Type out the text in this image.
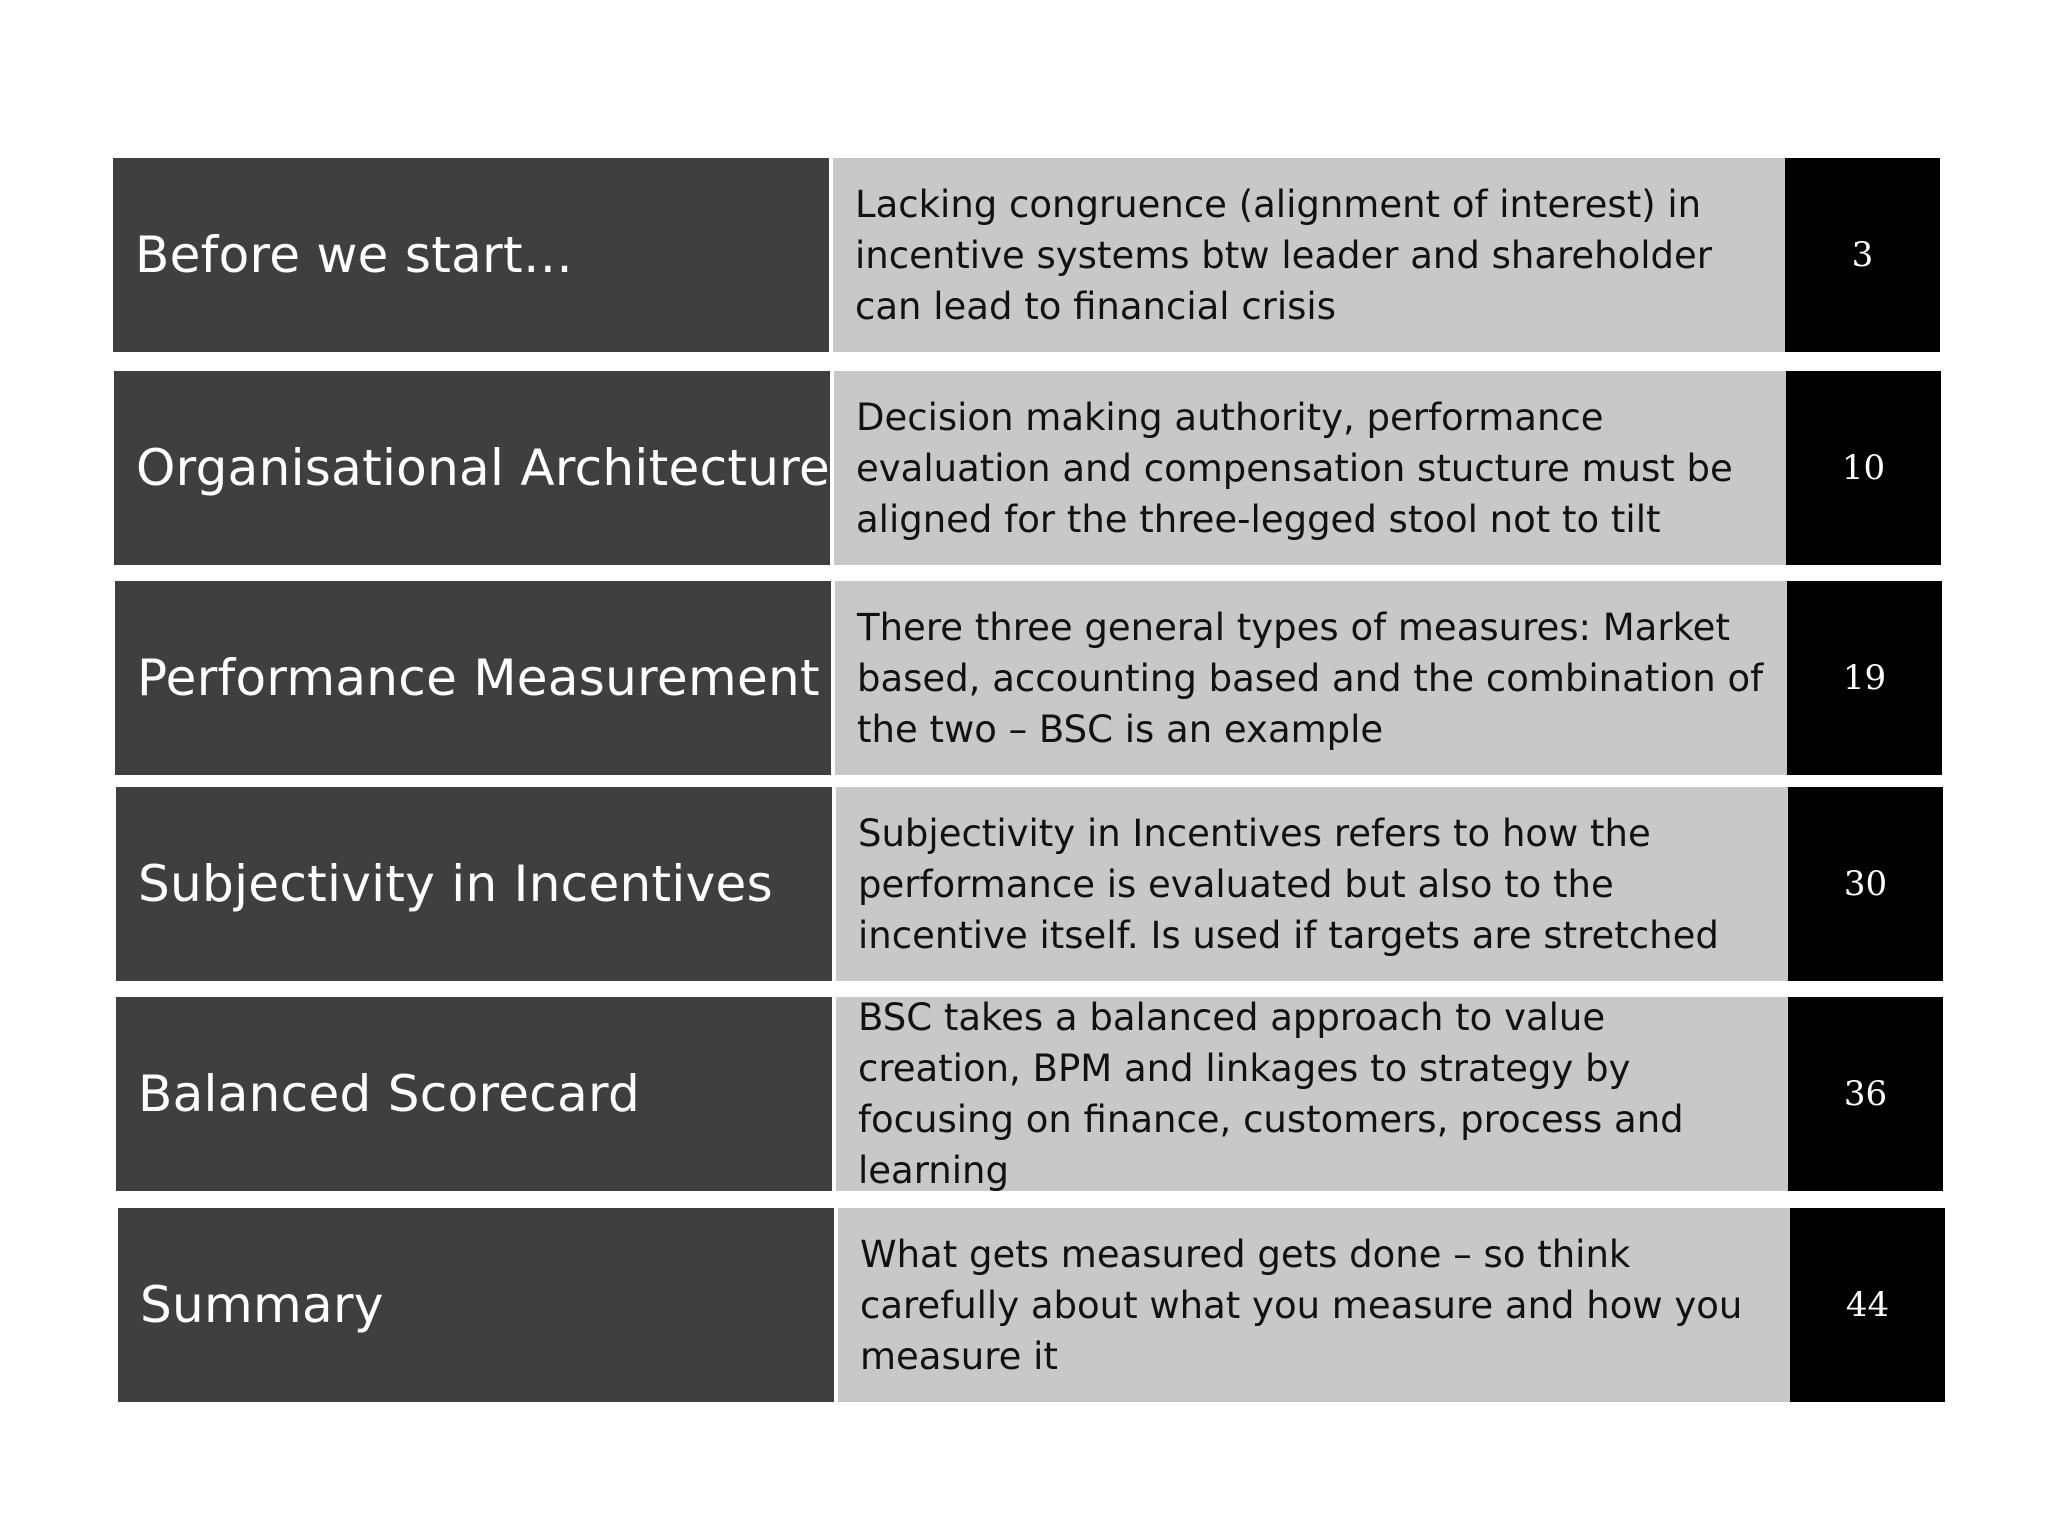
Before we start…
Lacking congruence (alignment of interest) in incentive systems btw leader and shareholder can lead to financial crisis
3
Organisational Architecture
Decision making authority, performance evaluation and compensation stucture must be aligned for the three-legged stool not to tilt
10
Performance Measurement
There three general types of measures: Market based, accounting based and the combination of the two – BSC is an example
19
Subjectivity in Incentives
Subjectivity in Incentives refers to how the performance is evaluated but also to the incentive itself. Is used if targets are stretched
30
Balanced Scorecard
BSC takes a balanced approach to value creation, BPM and linkages to strategy by focusing on finance, customers, process and learning
36
Summary
What gets measured gets done – so think carefully about what you measure and how you measure it
44
